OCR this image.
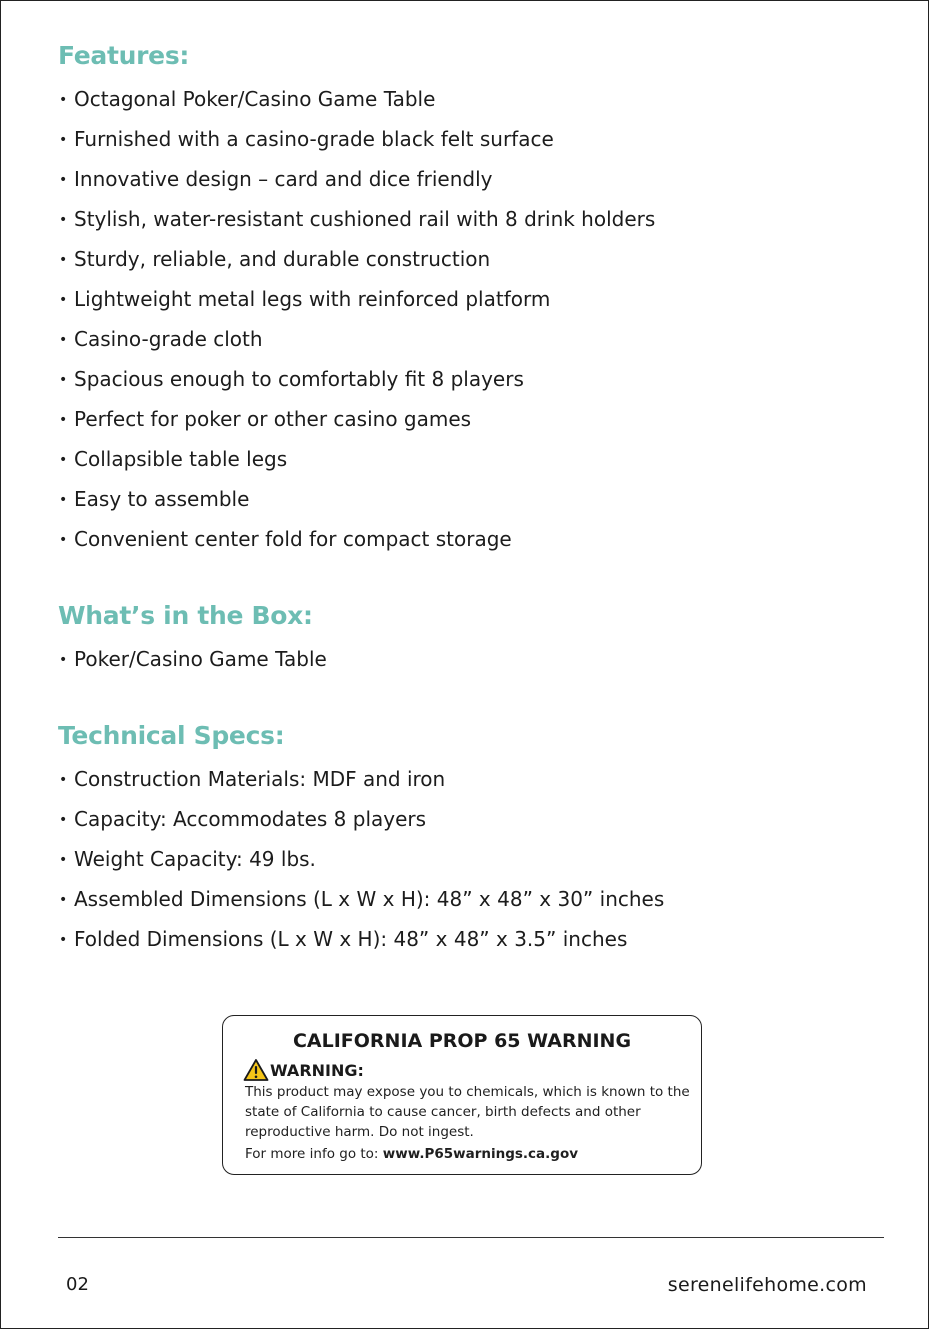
Features:
• Octagonal Poker/Casino Game Table
• Furnished with a casino-grade black felt surface
• Innovative design – card and dice friendly
• Stylish, water-resistant cushioned rail with 8 drink holders
• Sturdy, reliable, and durable construction
• Lightweight metal legs with reinforced platform
• Casino-grade cloth
• Spacious enough to comfortably fit 8 players
• Perfect for poker or other casino games
• Collapsible table legs
• Easy to assemble
• Convenient center fold for compact storage
What’s in the Box:
• Poker/Casino Game Table
Technical Specs:
• Construction Materials: MDF and iron
• Capacity: Accommodates 8 players
• Weight Capacity: 49 lbs.
• Assembled Dimensions (L x W x H): 48” x 48” x 30” inches
• Folded Dimensions (L x W x H): 48” x 48” x 3.5” inches
CALIFORNIA PROP 65 WARNING
WARNING:

This product may expose you to chemicals, which is known to the state of California to cause cancer, birth defects and other reproductive harm. Do not ingest.

For more info go to: www.P65warnings.ca.gov
02	serenelifehome.com
